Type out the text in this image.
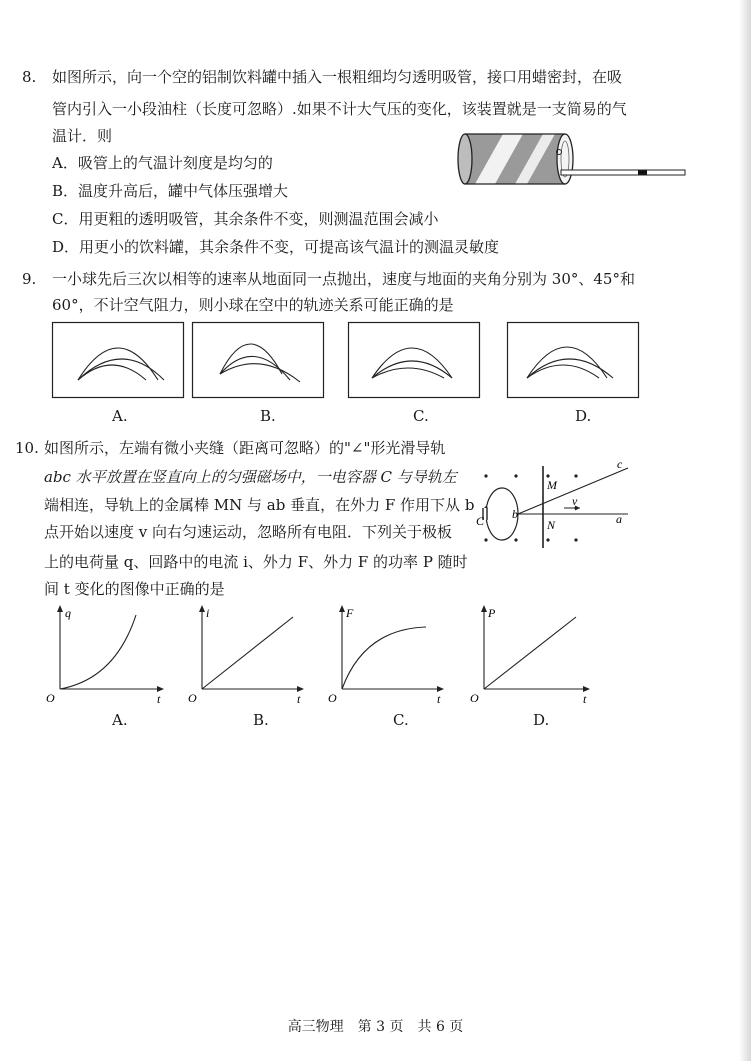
8. 如图所示，向一个空的铝制饮料罐中插入一根粗细均匀透明吸管，接口用蜡密封，在吸
管内引入一小段油柱（长度可忽略）.如果不计大气压的变化，该装置就是一支简易的气
温计．则
A．吸管上的气温计刻度是均匀的
B．温度升高后，罐中气体压强增大
C．用更粗的透明吸管，其余条件不变，则测温范围会减小
D．用更小的饮料罐，其余条件不变，可提高该气温计的测温灵敏度
9. 一小球先后三次以相等的速率从地面同一点抛出，速度与地面的夹角分别为 30°、45°和
60°，不计空气阻力，则小球在空中的轨迹关系可能正确的是
A.	B.	C.	D.
10. 如图所示，左端有微小夹缝（距离可忽略）的"∠"形光滑导轨
abc 水平放置在竖直向上的匀强磁场中，一电容器 C 与导轨左
端相连，导轨上的金属棒 MN 与 ab 垂直，在外力 F 作用下从 b
点开始以速度 v 向右匀速运动，忽略所有电阻．下列关于极板
上的电荷量 q、回路中的电流 i、外力 F、外力 F 的功率 P 随时
间 t 变化的图像中正确的是
M
N
b
C	a
c
v
q
t
O
i
t
O
F
t
O
P
t
O
A.	B.	C.	D.
高三物理　第 3 页　共 6 页
